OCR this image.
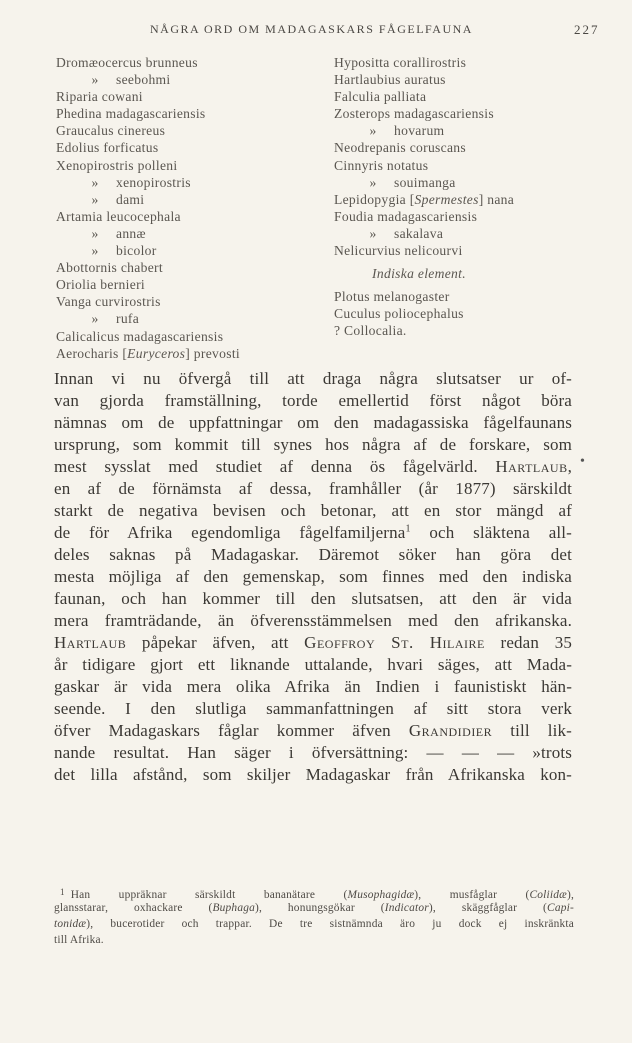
NÅGRA ORD OM MADAGASKARS FÅGELFAUNA	227
Dromæocercus brunneus
» seebohmi
Riparia cowani
Phedina madagascariensis
Graucalus cinereus
Edolius forficatus
Xenopirostris polleni
» xenopirostris
» dami
Artamia leucocephala
» annæ
» bicolor
Abottornis chabert
Oriolia bernieri
Vanga curvirostris
» rufa
Calicalicus madagascariensis
Aerocharis [Euryceros] prevosti
Hypositta corallirostris
Hartlaubius auratus
Falculia palliata
Zosterops madagascariensis
» hovarum
Neodrepanis coruscans
Cinnyris notatus
» souimanga
Lepidopygia [Spermestes] nana
Foudia madagascariensis
» sakalava
Nelicurvius nelicourvi
Indiska element.
Plotus melanogaster
Cuculus poliocephalus
? Collocalia.
Innan vi nu öfvergå till att draga några slutsatser ur of-
van gjorda framställning, torde emellertid först något böra
nämnas om de uppfattningar om den madagassiska fågelfaunans
ursprung, som kommit till synes hos några af de forskare, som
mest sysslat med studiet af denna ös fågelvärld. Hartlaub,
en af de förnämsta af dessa, framhåller (år 1877) särskildt
starkt de negativa bevisen och betonar, att en stor mängd af
de för Afrika egendomliga fågelfamiljerna$^1$ och släktena all-
deles saknas på Madagaskar. Däremot söker han göra det
mesta möjliga af den gemenskap, som finnes med den indiska
faunan, och han kommer till den slutsatsen, att den är vida
mera framträdande, än öfverensstämmelsen med den afrikanska.
Hartlaub påpekar äfven, att Geoffroy St. Hilaire redan 35
år tidigare gjort ett liknande uttalande, hvari säges, att Mada-
gaskar är vida mera olika Afrika än Indien i faunistiskt hän-
seende. I den slutliga sammanfattningen af sitt stora verk
öfver Madagaskars fåglar kommer äfven Grandidier till lik-
nande resultat. Han säger i öfversättning: — — — »trots
det lilla afstånd, som skiljer Madagaskar från Afrikanska kon-
•
$^1$ Han uppräknar särskildt bananätare (Musophagidæ), musfåglar (Coliidæ),
glansstarar, oxhackare (Buphaga), honungsgökar (Indicator), skäggfåglar (Capi-
tonidæ), bucerotider och trappar. De tre sistnämnda äro ju dock ej inskränkta
till Afrika.
